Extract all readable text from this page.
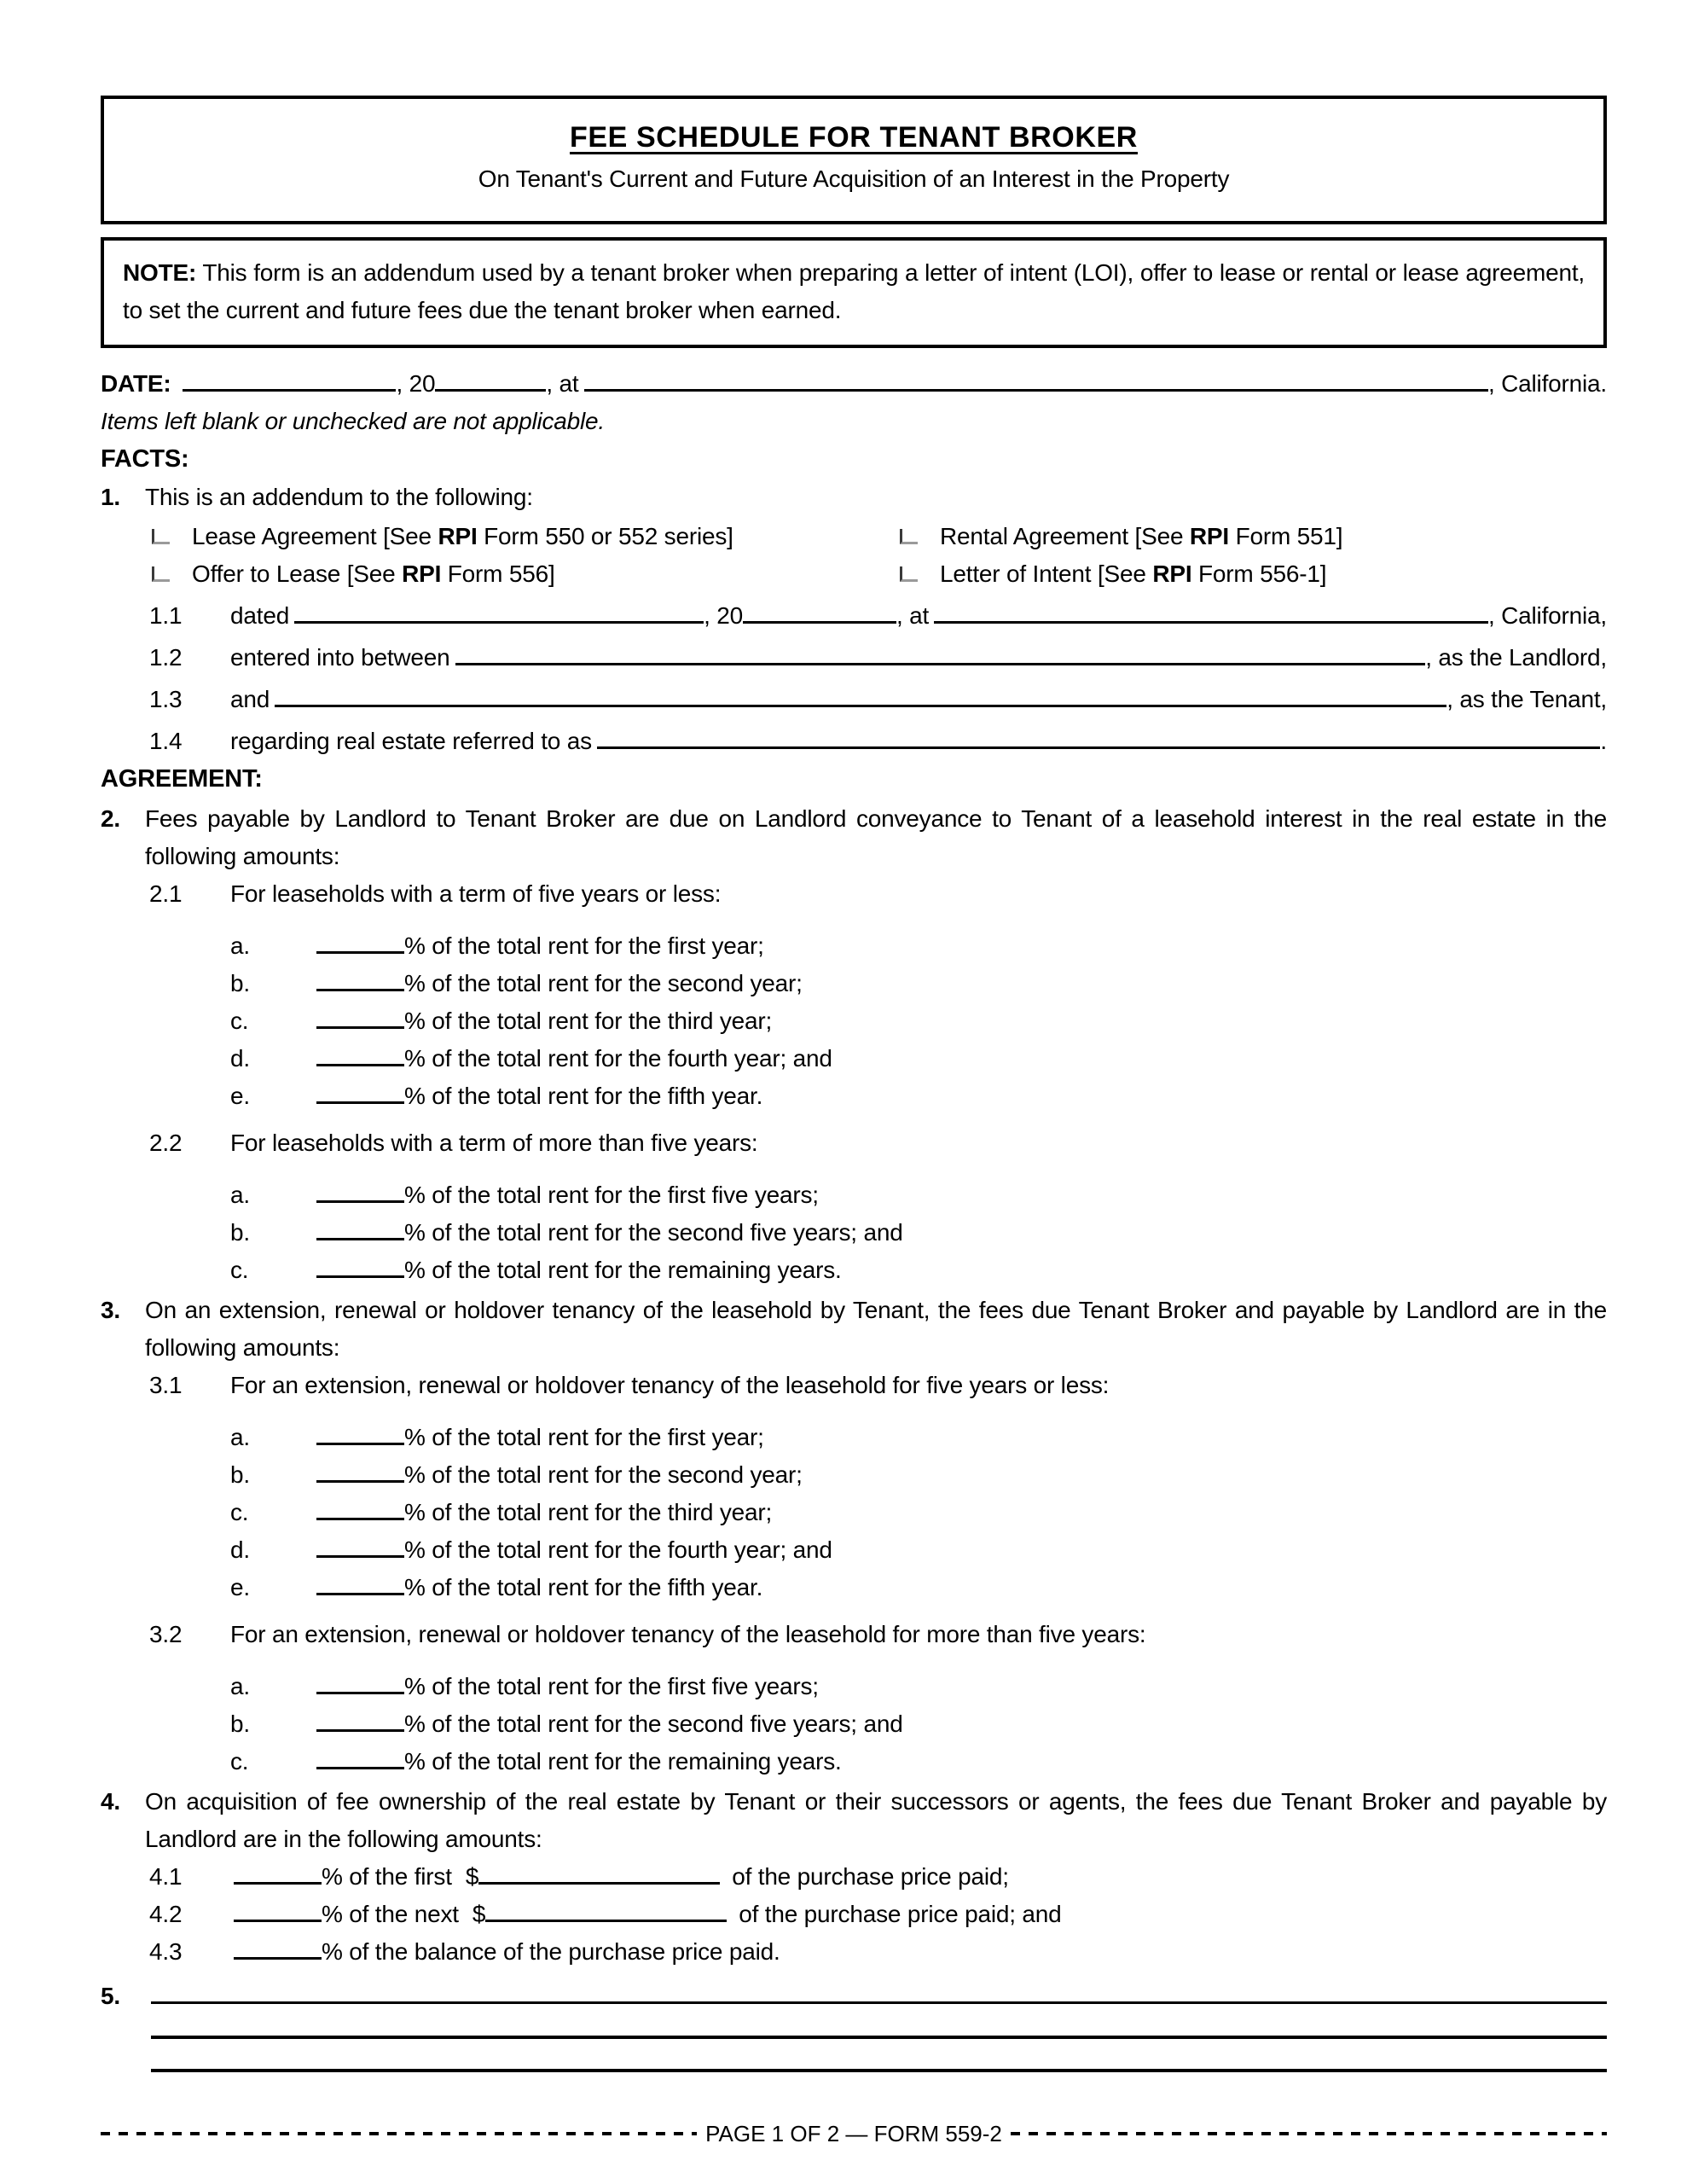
FEE SCHEDULE FOR TENANT BROKER
On Tenant's Current and Future Acquisition of an Interest in the Property
NOTE: This form is an addendum used by a tenant broker when preparing a letter of intent (LOI), offer to lease or rental or lease agreement, to set the current and future fees due the tenant broker when earned.
DATE:	, 20	, at	, California.
Items left blank or unchecked are not applicable.
FACTS:
1.	This is an addendum to the following:
Lease Agreement [See RPI Form 550 or 552 series]	Rental Agreement [See RPI Form 551]
Offer to Lease [See RPI Form 556]	Letter of Intent [See RPI Form 556-1]
1.1	dated	, 20	, at	, California,
1.2	entered into between	, as the Landlord,
1.3	and	, as the Tenant,
1.4	regarding real estate referred to as	.
AGREEMENT:
2.	Fees payable by Landlord to Tenant Broker are due on Landlord conveyance to Tenant of a leasehold interest in the real estate in the following amounts:
2.1	For leaseholds with a term of five years or less:
a.	% of the total rent for the first year;
b.	% of the total rent for the second year;
c.	% of the total rent for the third year;
d.	% of the total rent for the fourth year; and
e.	% of the total rent for the fifth year.
2.2	For leaseholds with a term of more than five years:
a.	% of the total rent for the first five years;
b.	% of the total rent for the second five years; and
c.	% of the total rent for the remaining years.
3.	On an extension, renewal or holdover tenancy of the leasehold by Tenant, the fees due Tenant Broker and payable by Landlord are in the following amounts:
3.1	For an extension, renewal or holdover tenancy of the leasehold for five years or less:
a.	% of the total rent for the first year;
b.	% of the total rent for the second year;
c.	% of the total rent for the third year;
d.	% of the total rent for the fourth year; and
e.	% of the total rent for the fifth year.
3.2	For an extension, renewal or holdover tenancy of the leasehold for more than five years:
a.	% of the total rent for the first five years;
b.	% of the total rent for the second five years; and
c.	% of the total rent for the remaining years.
4.	On acquisition of fee ownership of the real estate by Tenant or their successors or agents, the fees due Tenant Broker and payable by Landlord are in the following amounts:
4.1	% of the first $	of the purchase price paid;
4.2	% of the next $	of the purchase price paid; and
4.3	% of the balance of the purchase price paid.
5.
PAGE 1 OF 2 — FORM 559-2
